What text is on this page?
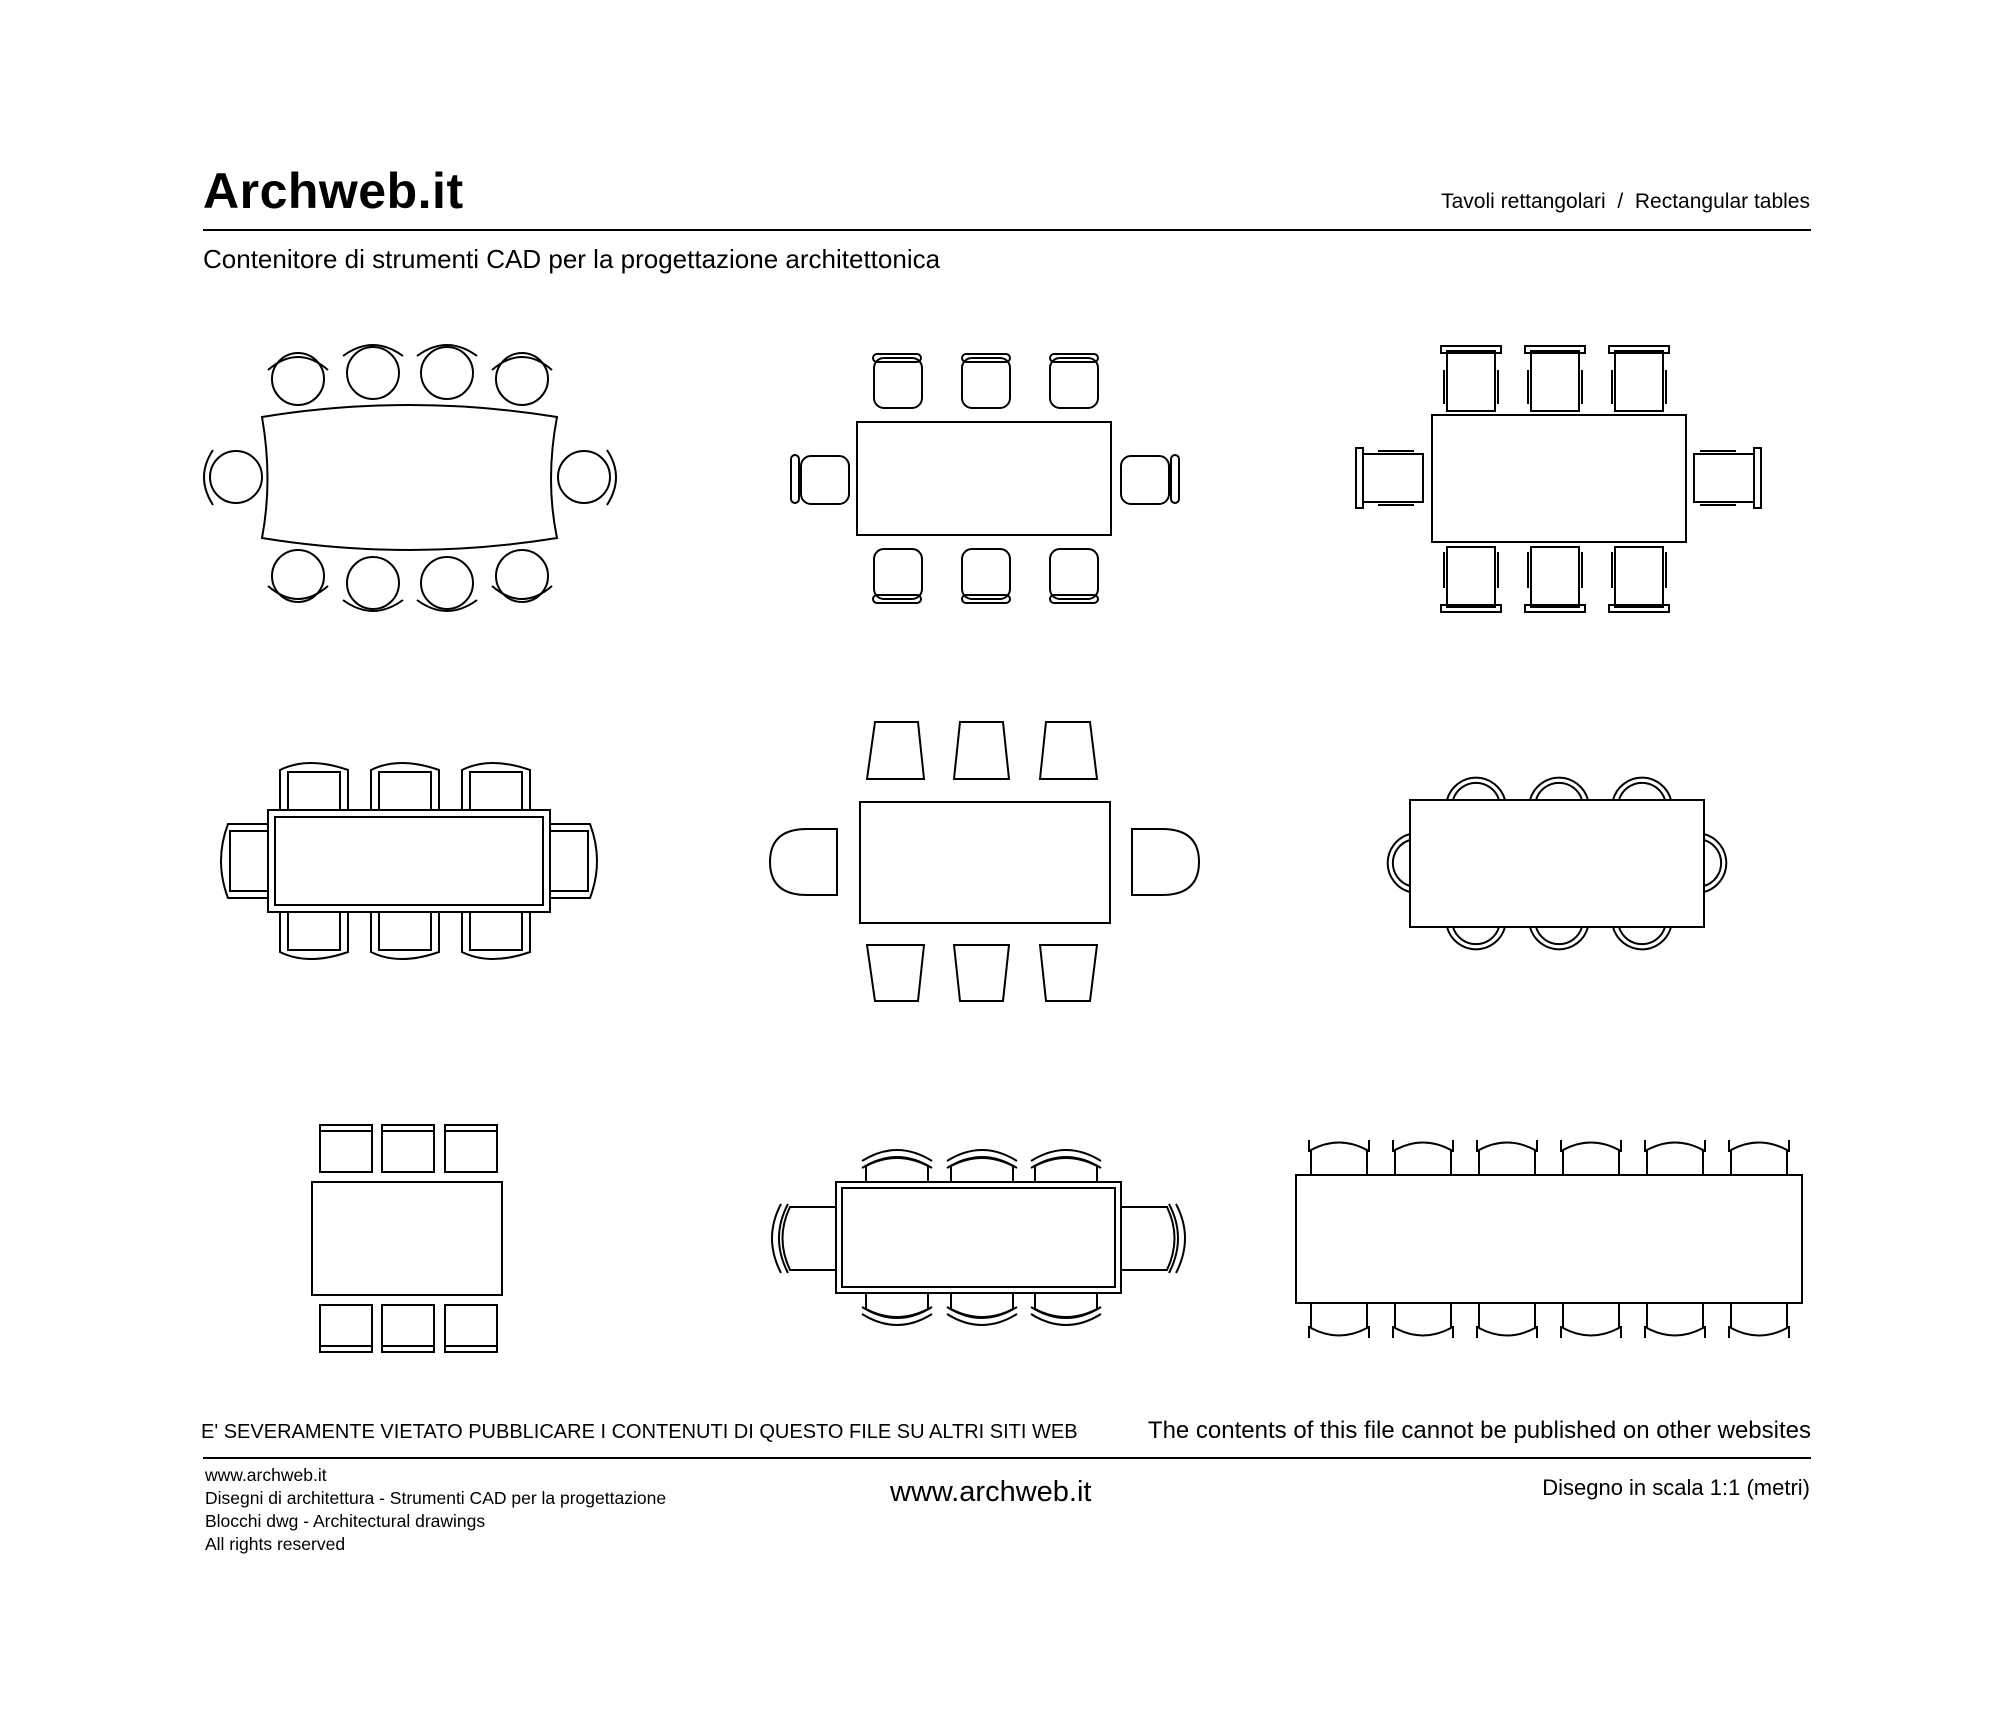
Archweb.it	Tavoli rettangolari  /  Rectangular tables
Contenitore di strumenti CAD per la progettazione architettonica
E' SEVERAMENTE VIETATO PUBBLICARE I CONTENUTI DI QUESTO FILE SU ALTRI SITI WEB	The contents of this file cannot be published on other websites
www.archweb.it
Disegni di architettura - Strumenti CAD per la progettazione
Blocchi dwg - Architectural drawings
All rights reserved
www.archweb.it	Disegno in scala 1:1 (metri)
